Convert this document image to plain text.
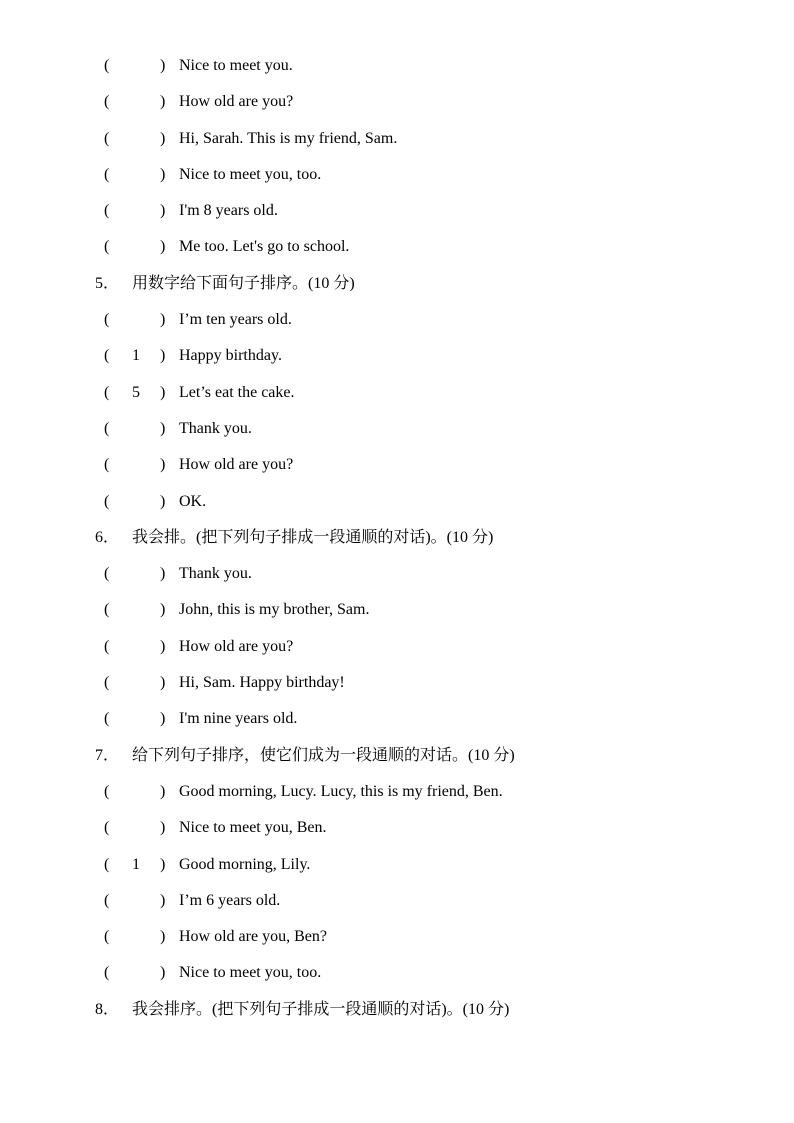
(	) Nice to meet you.
(	) How old are you?
(	) Hi, Sarah. This is my friend, Sam.
(	) Nice to meet you, too.
(	) I'm 8 years old.
(	) Me too. Let's go to school.
5． 用数字给下面句子排序。(10 分)
(	) I’m ten years old.
(	1	) Happy birthday.
(	5	) Let’s eat the cake.
(	) Thank you.
(	) How old are you?
(	) OK.
6． 我会排。(把下列句子排成一段通顺的对话)。(10 分)
(	) Thank you.
(	) John, this is my brother, Sam.
(	) How old are you?
(	) Hi, Sam. Happy birthday!
(	) I'm nine years old.
7． 给下列句子排序，使它们成为一段通顺的对话。(10 分)
(	) Good morning, Lucy. Lucy, this is my friend, Ben.
(	) Nice to meet you, Ben.
(	1	) Good morning, Lily.
(	) I’m 6 years old.
(	) How old are you, Ben?
(	) Nice to meet you, too.
8． 我会排序。(把下列句子排成一段通顺的对话)。(10 分)
